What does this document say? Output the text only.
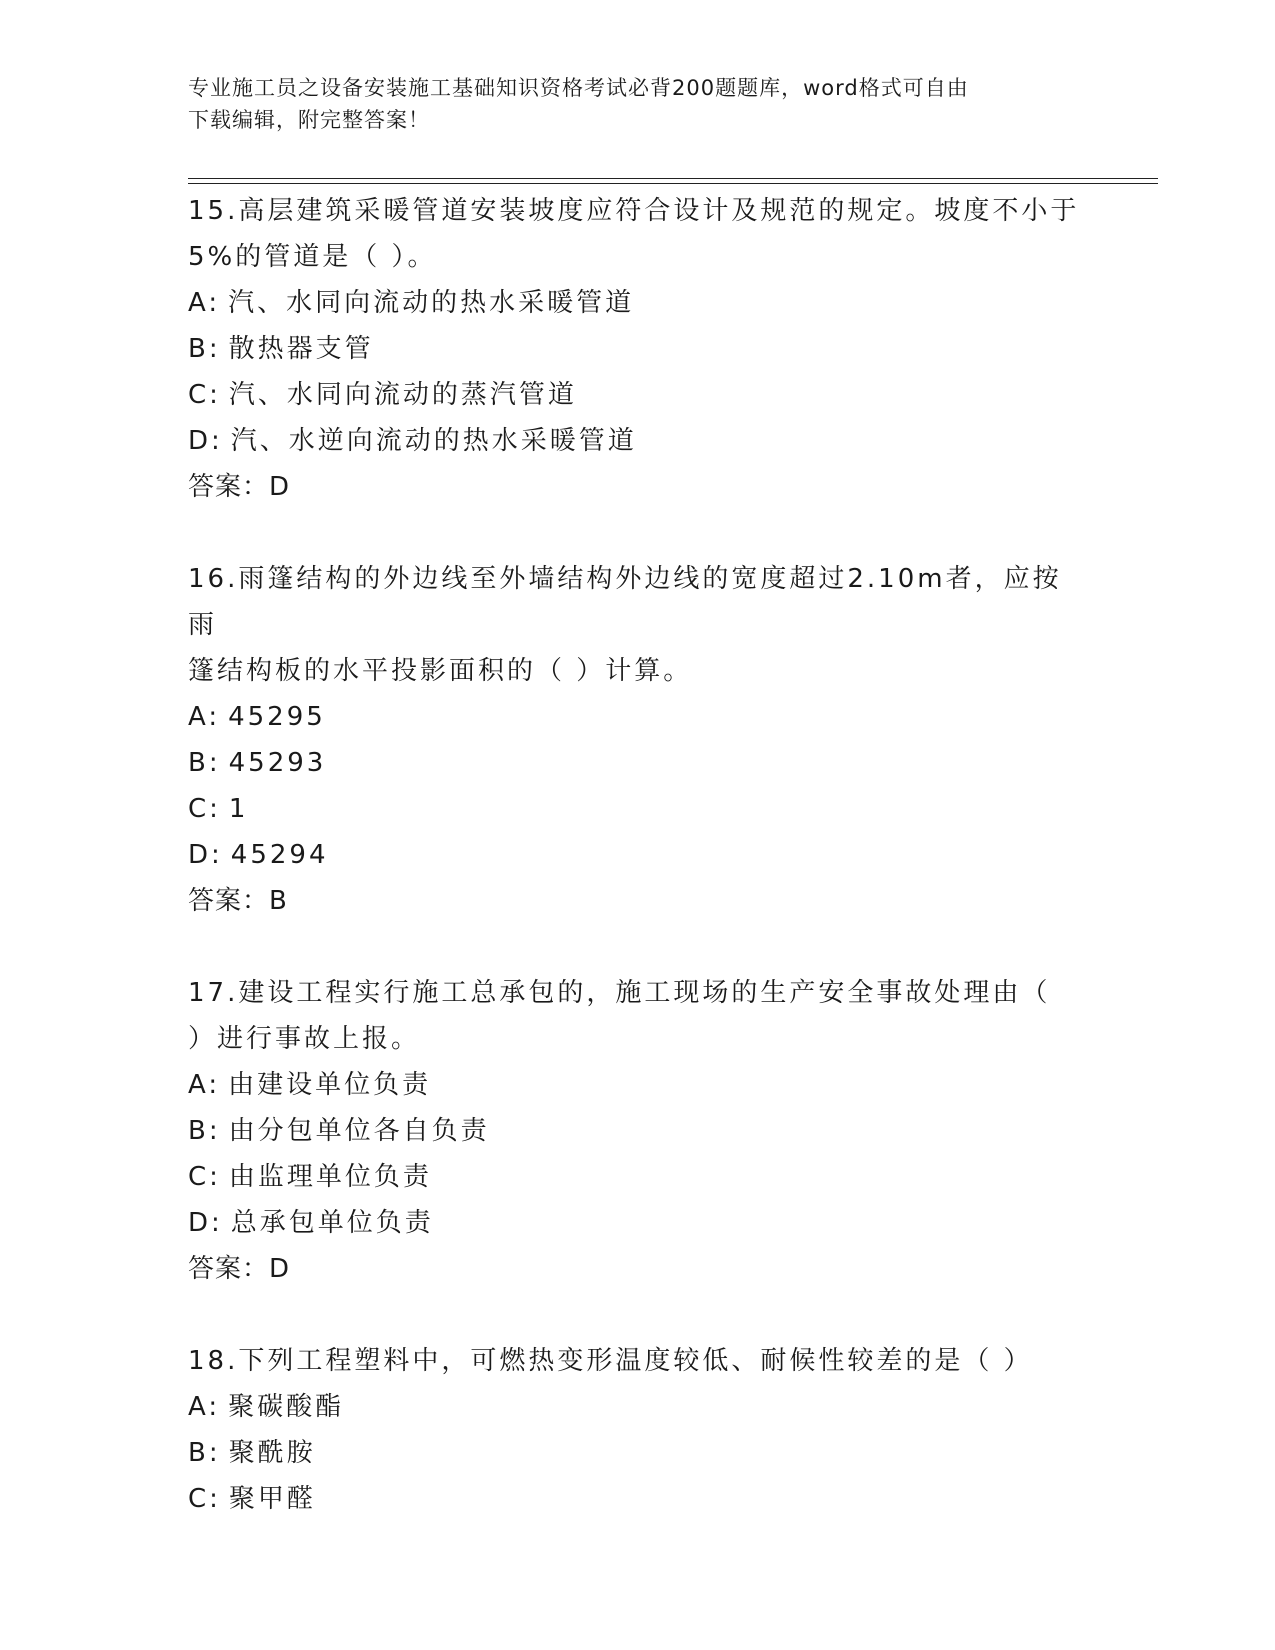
专业施工员之设备安装施工基础知识资格考试必背200题题库，word格式可自由
下载编辑，附完整答案！
15.高层建筑采暖管道安装坡度应符合设计及规范的规定。坡度不小于
5%的管道是（ ）。
A: 汽、水同向流动的热水采暖管道
B: 散热器支管
C: 汽、水同向流动的蒸汽管道
D: 汽、水逆向流动的热水采暖管道
答案：D
16.雨篷结构的外边线至外墙结构外边线的宽度超过2.10m者，应按雨
篷结构板的水平投影面积的（ ）计算。
A: 45295
B: 45293
C: 1
D: 45294
答案：B
17.建设工程实行施工总承包的，施工现场的生产安全事故处理由（
）进行事故上报。
A: 由建设单位负责
B: 由分包单位各自负责
C: 由监理单位负责
D: 总承包单位负责
答案：D
18.下列工程塑料中，可燃热变形温度较低、耐候性较差的是（ ）
A: 聚碳酸酯
B: 聚酰胺
C: 聚甲醛
